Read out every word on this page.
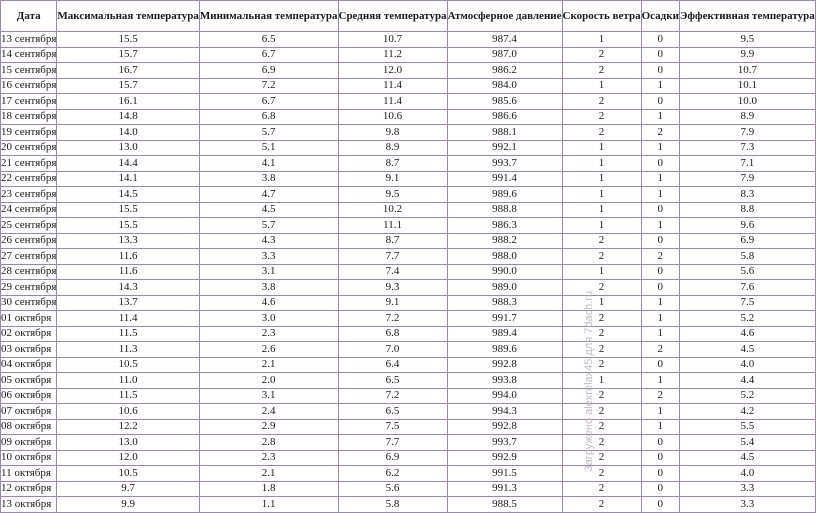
Дата	Максимальная температура	Минимальная температура	Средняя температура	Атмосферное давление	Скорость ветра	Осадки	Эффективная температура
13 сентября	15.5	6.5	10.7	987.4	1	0	9.5
14 сентября	15.7	6.7	11.2	987.0	2	0	9.9
15 сентября	16.7	6.9	12.0	986.2	2	0	10.7
16 сентября	15.7	7.2	11.4	984.0	1	1	10.1
17 сентября	16.1	6.7	11.4	985.6	2	0	10.0
18 сентября	14.8	6.8	10.6	986.6	2	1	8.9
19 сентября	14.0	5.7	9.8	988.1	2	2	7.9
20 сентября	13.0	5.1	8.9	992.1	1	1	7.3
21 сентября	14.4	4.1	8.7	993.7	1	0	7.1
22 сентября	14.1	3.8	9.1	991.4	1	1	7.9
23 сентября	14.5	4.7	9.5	989.6	1	1	8.3
24 сентября	15.5	4.5	10.2	988.8	1	0	8.8
25 сентября	15.5	5.7	11.1	986.3	1	1	9.6
26 сентября	13.3	4.3	8.7	988.2	2	0	6.9
27 сентября	11.6	3.3	7.7	988.0	2	2	5.8
28 сентября	11.6	3.1	7.4	990.0	1	0	5.6
29 сентября	14.3	3.8	9.3	989.0	2	0	7.6
30 сентября	13.7	4.6	9.1	988.3	1	1	7.5
01 октября	11.4	3.0	7.2	991.7	2	1	5.2
02 октября	11.5	2.3	6.8	989.4	2	1	4.6
03 октября	11.3	2.6	7.0	989.6	2	2	4.5
04 октября	10.5	2.1	6.4	992.8	2	0	4.0
05 октября	11.0	2.0	6.5	993.8	1	1	4.4
06 октября	11.5	3.1	7.2	994.0	2	2	5.2
07 октября	10.6	2.4	6.5	994.3	2	1	4.2
08 октября	12.2	2.9	7.5	992.8	2	1	5.5
09 октября	13.0	2.8	7.7	993.7	2	0	5.4
10 октября	12.0	2.3	6.9	992.9	2	0	4.5
11 октября	10.5	2.1	6.2	991.5	2	0	4.0
12 октября	9.7	1.8	5.6	991.3	2	0	3.3
13 октября	9.9	1.1	5.8	988.5	2	0	3.3
Загружено alexrelax45 для 7dach.ru
